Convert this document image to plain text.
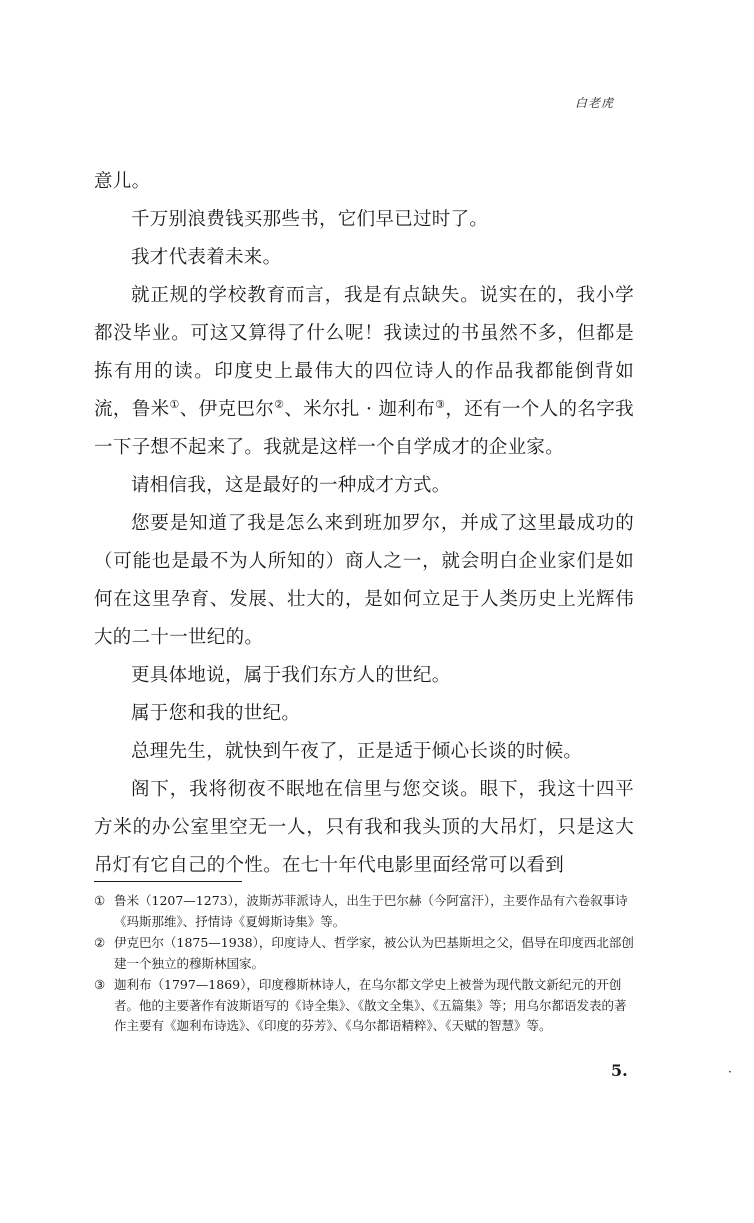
白老虎

意儿。

千万别浪费钱买那些书，它们早已过时了。

我才代表着未来。

就正规的学校教育而言，我是有点缺失。说实在的，我小学都没毕业。可这又算得了什么呢！我读过的书虽然不多，但都是拣有用的读。印度史上最伟大的四位诗人的作品我都能倒背如流，鲁米①、伊克巴尔②、米尔扎 · 迦利布③，还有一个人的名字我一下子想不起来了。我就是这样一个自学成才的企业家。

请相信我，这是最好的一种成才方式。

您要是知道了我是怎么来到班加罗尔，并成了这里最成功的（可能也是最不为人所知的）商人之一，就会明白企业家们是如何在这里孕育、发展、壮大的，是如何立足于人类历史上光辉伟大的二十一世纪的。

更具体地说，属于我们东方人的世纪。

属于您和我的世纪。

总理先生，就快到午夜了，正是适于倾心长谈的时候。

阁下，我将彻夜不眠地在信里与您交谈。眼下，我这十四平方米的办公室里空无一人，只有我和我头顶的大吊灯，只是这大吊灯有它自己的个性。在七十年代电影里面经常可以看到

① 鲁米（1207—1273），波斯苏菲派诗人，出生于巴尔赫（今阿富汗），主要作品有六卷叙事诗《玛斯那维》、抒情诗《夏姆斯诗集》等。
② 伊克巴尔（1875—1938），印度诗人、哲学家，被公认为巴基斯坦之父，倡导在印度西北部创建一个独立的穆斯林国家。
③ 迦利布（1797—1869），印度穆斯林诗人，在乌尔都文学史上被誉为现代散文新纪元的开创者。他的主要著作有波斯语写的《诗全集》、《散文全集》、《五篇集》等；用乌尔都语发表的著作主要有《迦利布诗选》、《印度的芬芳》、《乌尔都语精粹》、《天赋的智慧》等。
5.	·
